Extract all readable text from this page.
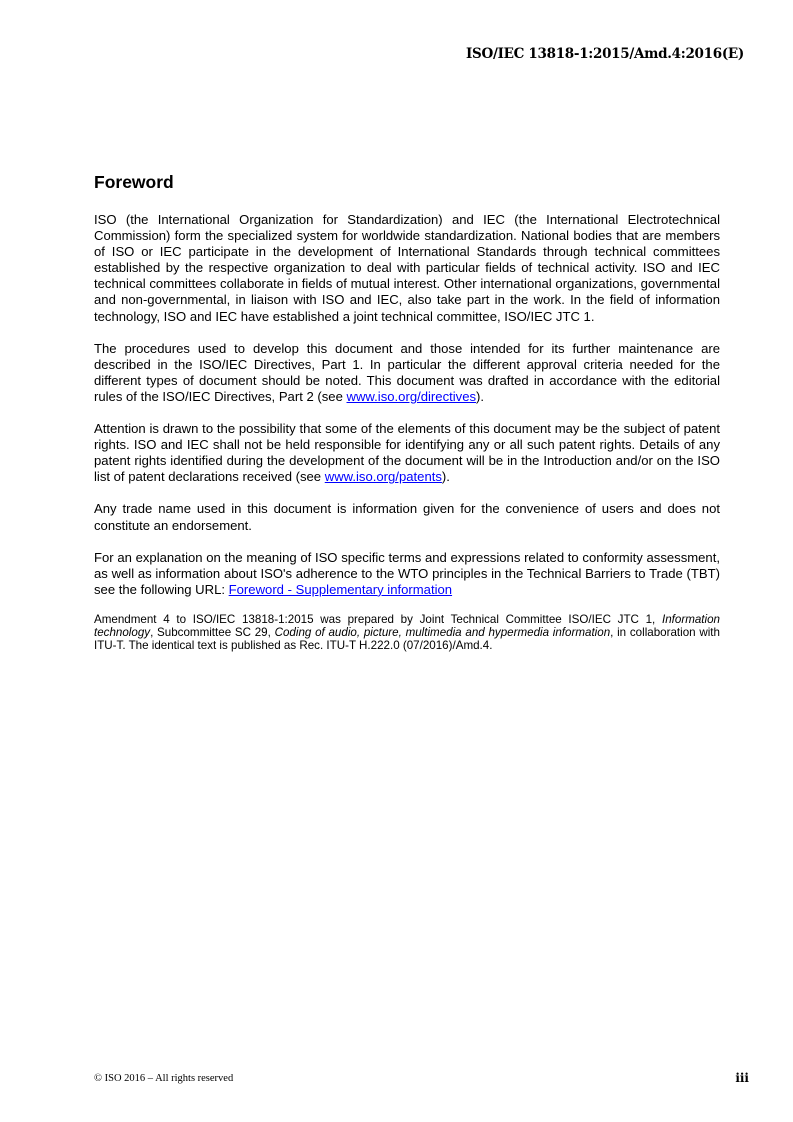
ISO/IEC 13818-1:2015/Amd.4:2016(E)
Foreword

ISO (the International Organization for Standardization) and IEC (the International Electrotechnical Commission) form the specialized system for worldwide standardization. National bodies that are members of ISO or IEC participate in the development of International Standards through technical committees established by the respective organization to deal with particular fields of technical activity. ISO and IEC technical committees collaborate in fields of mutual interest. Other international organizations, governmental and non-governmental, in liaison with ISO and IEC, also take part in the work. In the field of information technology, ISO and IEC have established a joint technical committee, ISO/IEC JTC 1.

The procedures used to develop this document and those intended for its further maintenance are described in the ISO/IEC Directives, Part 1. In particular the different approval criteria needed for the different types of document should be noted. This document was drafted in accordance with the editorial rules of the ISO/IEC Directives, Part 2 (see www.iso.org/directives).

Attention is drawn to the possibility that some of the elements of this document may be the subject of patent rights. ISO and IEC shall not be held responsible for identifying any or all such patent rights. Details of any patent rights identified during the development of the document will be in the Introduction and/or on the ISO list of patent declarations received (see www.iso.org/patents).

Any trade name used in this document is information given for the convenience of users and does not constitute an endorsement.

For an explanation on the meaning of ISO specific terms and expressions related to conformity assessment, as well as information about ISO's adherence to the WTO principles in the Technical Barriers to Trade (TBT) see the following URL: Foreword - Supplementary information

Amendment 4 to ISO/IEC 13818-1:2015 was prepared by Joint Technical Committee ISO/IEC JTC 1, Information technology, Subcommittee SC 29, Coding of audio, picture, multimedia and hypermedia information, in collaboration with ITU-T. The identical text is published as Rec. ITU-T H.222.0 (07/2016)/Amd.4.

© ISO 2016 – All rights reserved	iii
